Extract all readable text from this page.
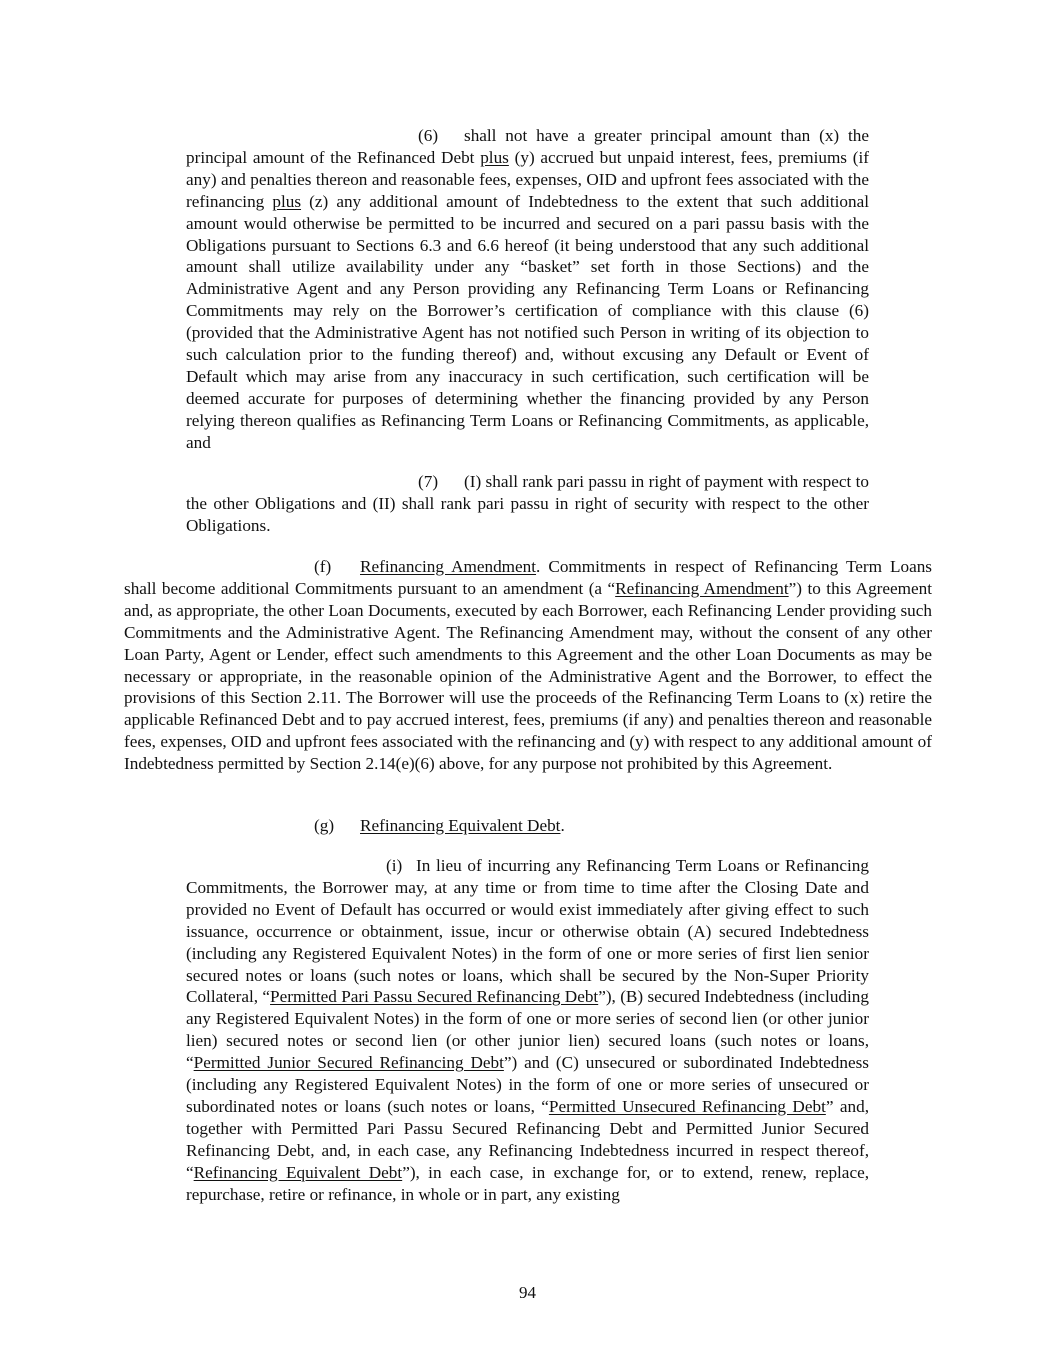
(6) shall not have a greater principal amount than (x) the principal amount of the Refinanced Debt plus (y) accrued but unpaid interest, fees, premiums (if any) and penalties thereon and reasonable fees, expenses, OID and upfront fees associated with the refinancing plus (z) any additional amount of Indebtedness to the extent that such additional amount would otherwise be permitted to be incurred and secured on a pari passu basis with the Obligations pursuant to Sections 6.3 and 6.6 hereof (it being understood that any such additional amount shall utilize availability under any “basket” set forth in those Sections) and the Administrative Agent and any Person providing any Refinancing Term Loans or Refinancing Commitments may rely on the Borrower’s certification of compliance with this clause (6) (provided that the Administrative Agent has not notified such Person in writing of its objection to such calculation prior to the funding thereof) and, without excusing any Default or Event of Default which may arise from any inaccuracy in such certification, such certification will be deemed accurate for purposes of determining whether the financing provided by any Person relying thereon qualifies as Refinancing Term Loans or Refinancing Commitments, as applicable, and

(7) (I) shall rank pari passu in right of payment with respect to the other Obligations and (II) shall rank pari passu in right of security with respect to the other Obligations.

(f) Refinancing Amendment. Commitments in respect of Refinancing Term Loans shall become additional Commitments pursuant to an amendment (a “Refinancing Amendment”) to this Agreement and, as appropriate, the other Loan Documents, executed by each Borrower, each Refinancing Lender providing such Commitments and the Administrative Agent. The Refinancing Amendment may, without the consent of any other Loan Party, Agent or Lender, effect such amendments to this Agreement and the other Loan Documents as may be necessary or appropriate, in the reasonable opinion of the Administrative Agent and the Borrower, to effect the provisions of this Section 2.11. The Borrower will use the proceeds of the Refinancing Term Loans to (x) retire the applicable Refinanced Debt and to pay accrued interest, fees, premiums (if any) and penalties thereon and reasonable fees, expenses, OID and upfront fees associated with the refinancing and (y) with respect to any additional amount of Indebtedness permitted by Section 2.14(e)(6) above, for any purpose not prohibited by this Agreement.

(g) Refinancing Equivalent Debt.

(i) In lieu of incurring any Refinancing Term Loans or Refinancing Commitments, the Borrower may, at any time or from time to time after the Closing Date and provided no Event of Default has occurred or would exist immediately after giving effect to such issuance, occurrence or obtainment, issue, incur or otherwise obtain (A) secured Indebtedness (including any Registered Equivalent Notes) in the form of one or more series of first lien senior secured notes or loans (such notes or loans, which shall be secured by the Non-Super Priority Collateral, “Permitted Pari Passu Secured Refinancing Debt”), (B) secured Indebtedness (including any Registered Equivalent Notes) in the form of one or more series of second lien (or other junior lien) secured notes or second lien (or other junior lien) secured loans (such notes or loans, “Permitted Junior Secured Refinancing Debt”) and (C) unsecured or subordinated Indebtedness (including any Registered Equivalent Notes) in the form of one or more series of unsecured or subordinated notes or loans (such notes or loans, “Permitted Unsecured Refinancing Debt” and, together with Permitted Pari Passu Secured Refinancing Debt and Permitted Junior Secured Refinancing Debt, and, in each case, any Refinancing Indebtedness incurred in respect thereof, “Refinancing Equivalent Debt”), in each case, in exchange for, or to extend, renew, replace, repurchase, retire or refinance, in whole or in part, any existing

94
